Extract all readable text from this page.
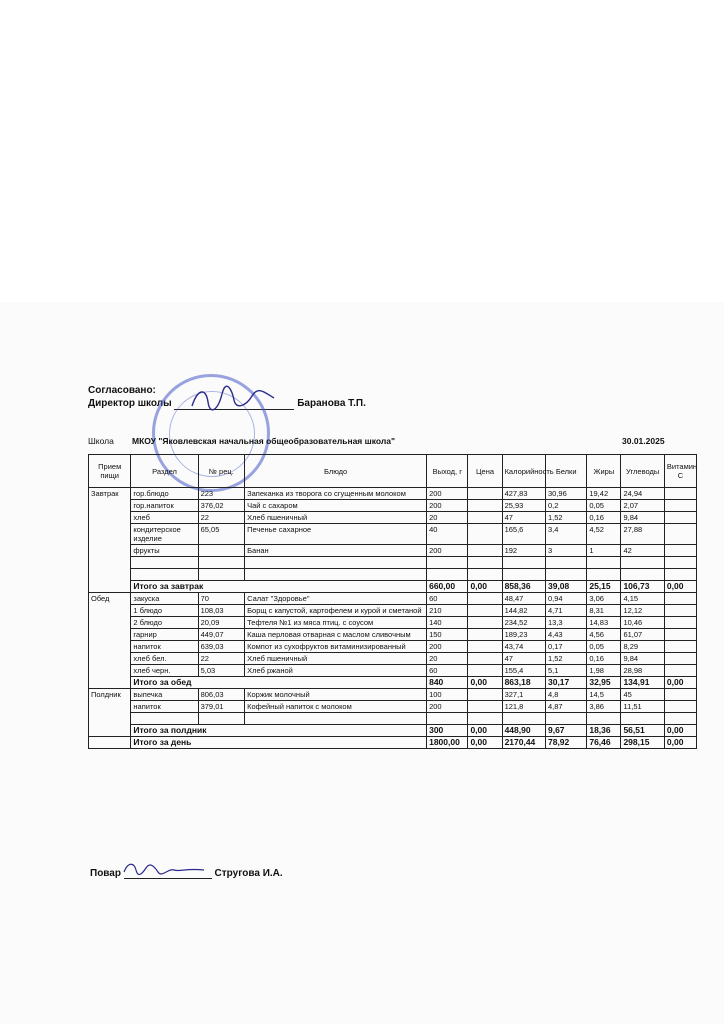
Согласовано:
Директор школы	Баранова Т.П.
Школа МКОУ "Яковлевская начальная общеобразовательная школа"	30.01.2025
Прием пищи	Раздел	№ рец.	Блюдо	Выход, г	Цена	Калорийность	Белки	Жиры	Углеводы	Витамин С
Завтрак	гор.блюдо	223	Запеканка из творога со сгущенным молоком	200		427,83	30,96	19,42	24,94	
	гор.напиток	376,02	Чай с сахаром	200		25,93	0,2	0,05	2,07	
	хлеб	22	Хлеб пшеничный	20		47	1,52	0,16	9,84	
	кондитерское изделие	65,05	Печенье сахарное	40		165,6	3,4	4,52	27,88	
	фрукты		Банан	200		192	3	1	42	

	Итого за завтрак			660,00	0,00	858,36	39,08	25,15	106,73	0,00
Обед	закуска	70	Салат "Здоровье"	60		48,47	0,94	3,06	4,15	
	1 блюдо	108,03	Борщ с капустой, картофелем и курой и сметаной	210		144,82	4,71	8,31	12,12	
	2 блюдо	20,09	Тефтеля №1 из мяса птиц. с соусом	140		234,52	13,3	14,83	10,46	
	гарнир	449,07	Каша перловая отварная с маслом сливочным	150		189,23	4,43	4,56	61,07	
	напиток	639,03	Компот из сухофруктов витаминизированный	200		43,74	0,17	0,05	8,29	
	хлеб бел.	22	Хлеб пшеничный	20		47	1,52	0,16	9,84	
	хлеб черн.	5,03	Хлеб ржаной	60		155,4	5,1	1,98	28,98	
	Итого за обед			840	0,00	863,18	30,17	32,95	134,91	0,00
Полдник	выпечка	806,03	Коржик молочный	100		327,1	4,8	14,5	45	
	напиток	379,01	Кофейный напиток с молоком	200		121,8	4,87	3,86	11,51	

	Итого за полдник			300	0,00	448,90	9,67	18,36	56,51	0,00
	Итого за день			1800,00	0,00	2170,44	78,92	76,46	298,15	0,00
Повар	Стругова И.А.
